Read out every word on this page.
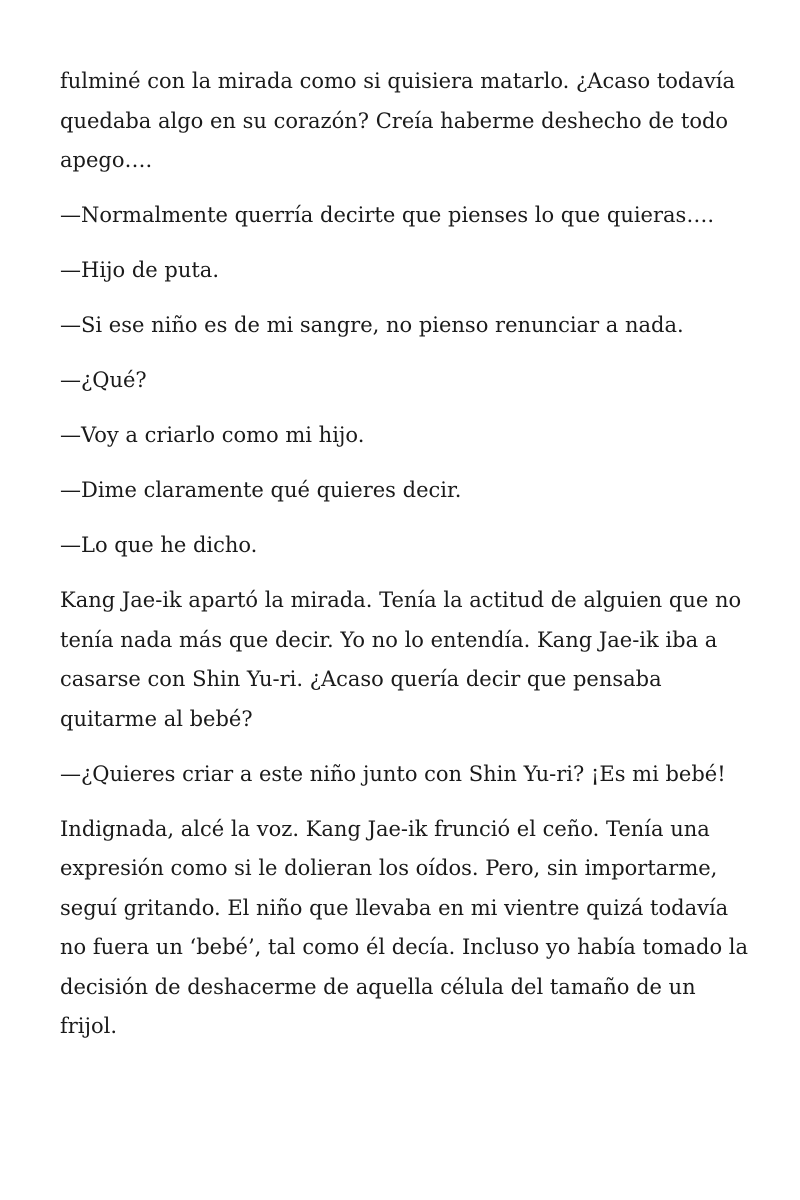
fulminé con la mirada como si quisiera matarlo. ¿Acaso todavía quedaba algo en su corazón? Creía haberme deshecho de todo apego….

—Normalmente querría decirte que pienses lo que quieras….

—Hijo de puta.

—Si ese niño es de mi sangre, no pienso renunciar a nada.

—¿Qué?

—Voy a criarlo como mi hijo.

—Dime claramente qué quieres decir.

—Lo que he dicho.

Kang Jae-ik apartó la mirada. Tenía la actitud de alguien que no tenía nada más que decir. Yo no lo entendía. Kang Jae-ik iba a casarse con Shin Yu-ri. ¿Acaso quería decir que pensaba quitarme al bebé?

—¿Quieres criar a este niño junto con Shin Yu-ri? ¡Es mi bebé!

Indignada, alcé la voz. Kang Jae-ik frunció el ceño. Tenía una expresión como si le dolieran los oídos. Pero, sin importarme, seguí gritando. El niño que llevaba en mi vientre quizá todavía no fuera un ‘bebé’, tal como él decía. Incluso yo había tomado la decisión de deshacerme de aquella célula del tamaño de un frijol.
